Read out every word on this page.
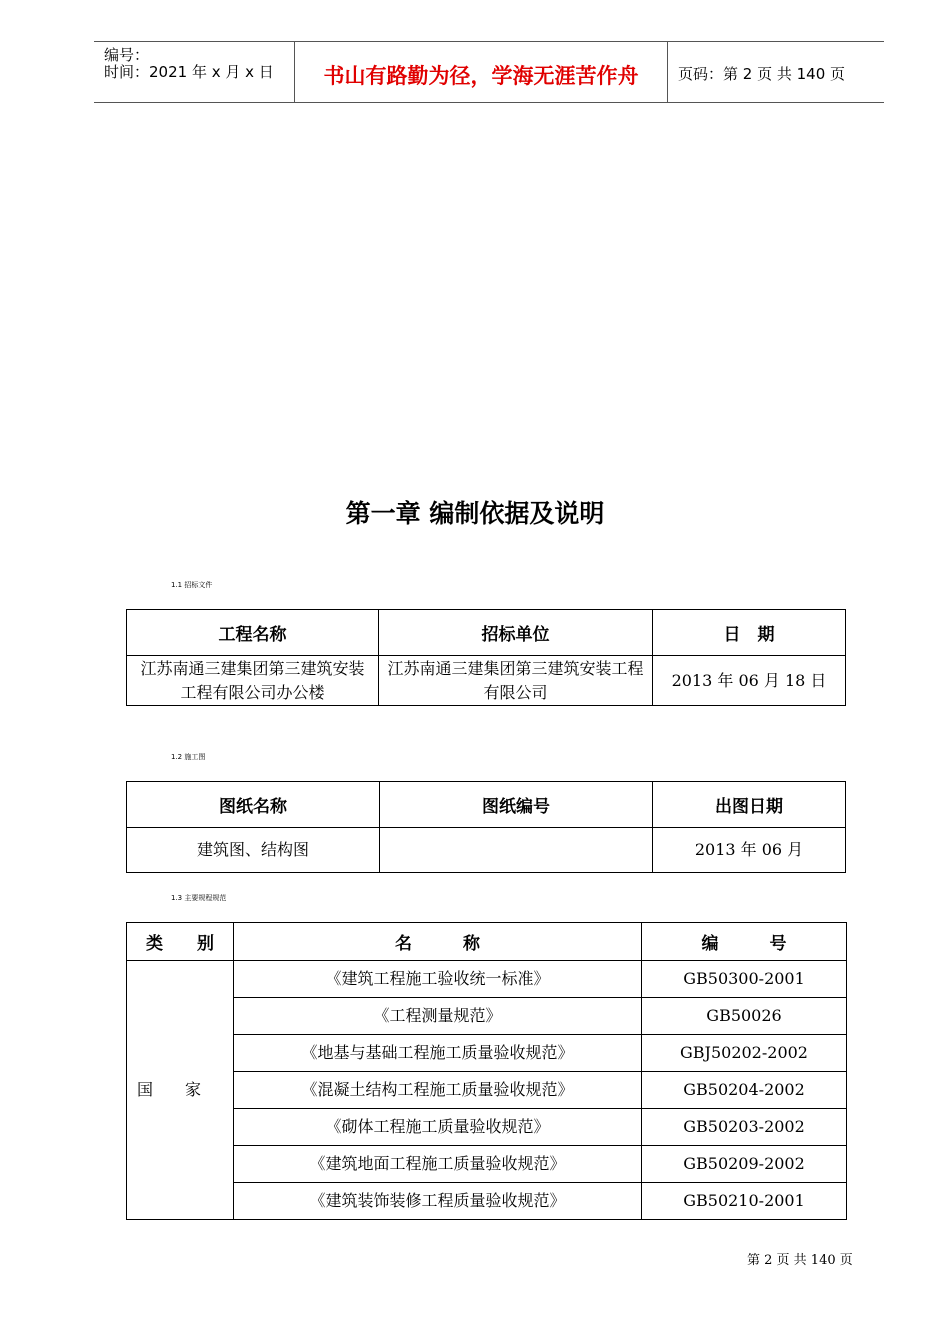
编号：
时间：2021 年 x 月 x 日	书山有路勤为径，学海无涯苦作舟	页码：第 2 页 共 140 页
第一章 编制依据及说明
1.1 招标文件
工程名称	招标单位	日　期
江苏南通三建集团第三建筑安装工程有限公司办公楼	江苏南通三建集团第三建筑安装工程有限公司	2013 年 06 月 18 日
1.2 施工图
图纸名称	图纸编号	出图日期
建筑图、结构图		2013 年 06 月
1.3 主要规程规范
类　　别	名　　　称	编　　　号
国　　家	《建筑工程施工验收统一标准》	GB50300-2001
	《工程测量规范》	GB50026
	《地基与基础工程施工质量验收规范》	GBJ50202-2002
	《混凝土结构工程施工质量验收规范》	GB50204-2002
	《砌体工程施工质量验收规范》	GB50203-2002
	《建筑地面工程施工质量验收规范》	GB50209-2002
	《建筑装饰装修工程质量验收规范》	GB50210-2001
第 2 页 共 140 页
